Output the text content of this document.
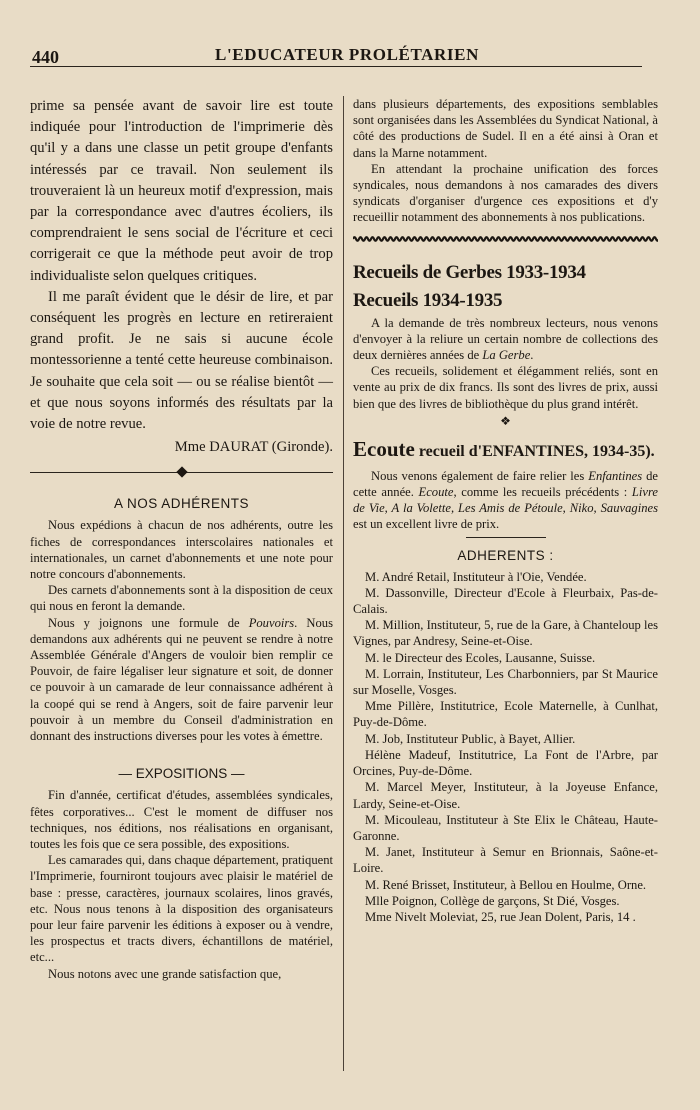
440	L'EDUCATEUR PROLÉTARIEN

prime sa pensée avant de savoir lire est toute indiquée pour l'introduction de l'imprimerie dès qu'il y a dans une classe un petit groupe d'enfants intéressés par ce travail. Non seulement ils trouveraient là un heureux motif d'expression, mais par la correspondance avec d'autres écoliers, ils comprendraient le sens social de l'écriture et ceci corrigerait ce que la méthode peut avoir de trop individualiste selon quelques critiques.

Il me paraît évident que le désir de lire, et par conséquent les progrès en lecture en retireraient grand profit. Je ne sais si aucune école montessorienne a tenté cette heureuse combinaison. Je souhaite que cela soit — ou se réalise bientôt — et que nous soyons informés des résultats par la voie de notre revue.

Mme DAURAT (Gironde).

A NOS ADHÉRENTS

Nous expédions à chacun de nos adhérents, outre les fiches de correspondances interscolaires nationales et internationales, un carnet d'abonnements et une note pour notre concours d'abonnements.

Des carnets d'abonnements sont à la disposition de ceux qui nous en feront la demande.

Nous y joignons une formule de Pouvoirs. Nous demandons aux adhérents qui ne peuvent se rendre à notre Assemblée Générale d'Angers de vouloir bien remplir ce Pouvoir, de faire légaliser leur signature et soit, de donner ce pouvoir à un camarade de leur connaissance adhérent à la coopé qui se rend à Angers, soit de faire parvenir leur pouvoir à un membre du Conseil d'administration en donnant des instructions diverses pour les votes à émettre.

— EXPOSITIONS —

Fin d'année, certificat d'études, assemblées syndicales, fêtes corporatives... C'est le moment de diffuser nos techniques, nos éditions, nos réalisations en organisant, toutes les fois que ce sera possible, des expositions.

Les camarades qui, dans chaque département, pratiquent l'Imprimerie, fourniront toujours avec plaisir le matériel de base : presse, caractères, journaux scolaires, linos gravés, etc. Nous nous tenons à la disposition des organisateurs pour leur faire parvenir les éditions à exposer ou à vendre, les prospectus et tracts divers, échantillons de matériel, etc...

Nous notons avec une grande satisfaction que,

dans plusieurs départements, des expositions semblables sont organisées dans les Assemblées du Syndicat National, à côté des productions de Sudel. Il en a été ainsi à Oran et dans la Marne notamment.

En attendant la prochaine unification des forces syndicales, nous demandons à nos camarades des divers syndicats d'organiser d'urgence ces expositions et d'y recueillir notamment des abonnements à nos publications.

Recueils de Gerbes 1933-1934
Recueils 1934-1935

A la demande de très nombreux lecteurs, nous venons d'envoyer à la reliure un certain nombre de collections des deux dernières années de La Gerbe.

Ces recueils, solidement et élégamment reliés, sont en vente au prix de dix francs. Ils sont des livres de prix, aussi bien que des livres de bibliothèque du plus grand intérêt.

❖
Ecoute recueil d'ENFANTINES, 1934-35).

Nous venons également de faire relier les Enfantines de cette année. Ecoute, comme les recueils précédents : Livre de Vie, A la Volette, Les Amis de Pétoule, Niko, Sauvagines est un excellent livre de prix.

ADHERENTS :

M. André Retail, Instituteur à l'Oie, Vendée.

M. Dassonville, Directeur d'Ecole à Fleurbaix, Pas-de-Calais.

M. Million, Instituteur, 5, rue de la Gare, à Chanteloup les Vignes, par Andresy, Seine-et-Oise.

M. le Directeur des Ecoles, Lausanne, Suisse.

M. Lorrain, Instituteur, Les Charbonniers, par St Maurice sur Moselle, Vosges.

Mme Pillère, Institutrice, Ecole Maternelle, à Cunlhat, Puy-de-Dôme.

M. Job, Instituteur Public, à Bayet, Allier.

Hélène Madeuf, Institutrice, La Font de l'Arbre, par Orcines, Puy-de-Dôme.

M. Marcel Meyer, Instituteur, à la Joyeuse Enfance, Lardy, Seine-et-Oise.

M. Micouleau, Instituteur à Ste Elix le Château, Haute-Garonne.

M. Janet, Instituteur à Semur en Brionnais, Saône-et-Loire.

M. René Brisset, Instituteur, à Bellou en Houlme, Orne.

Mlle Poignon, Collège de garçons, St Dié, Vosges.

Mme Nivelt Moleviat, 25, rue Jean Dolent, Paris, 14 .
